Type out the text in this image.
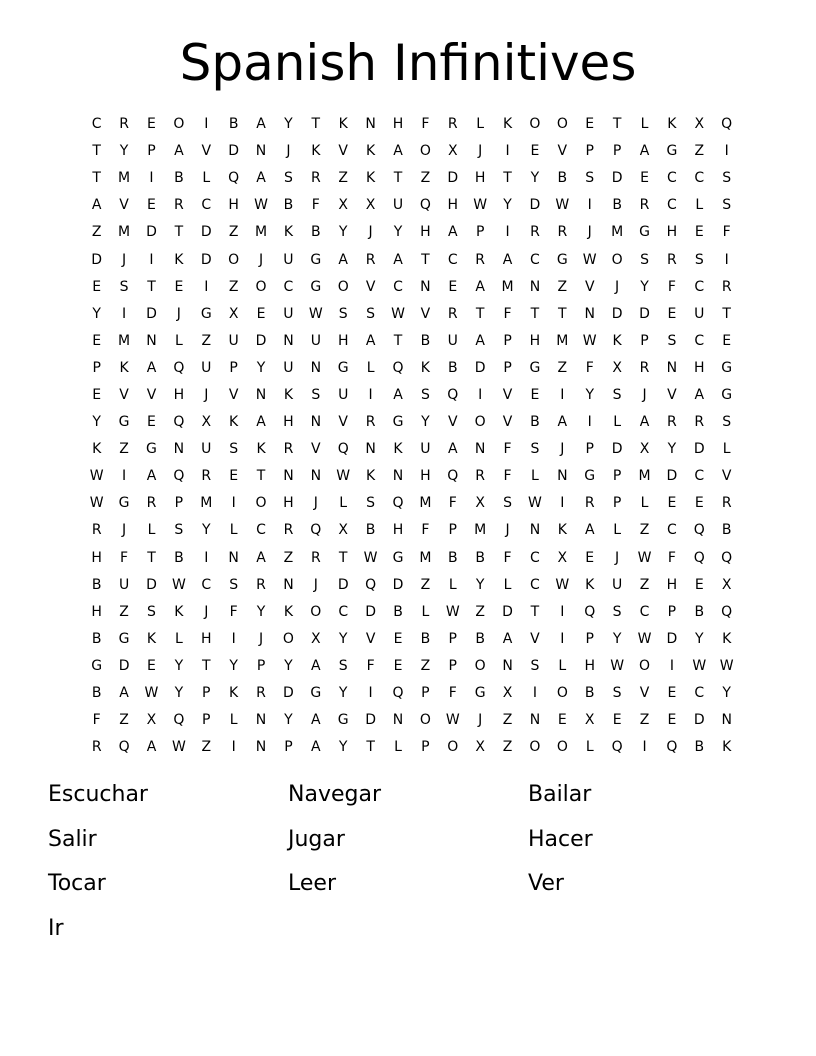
Spanish Infinitives
C	R	E	O	I	B	A	Y	T	K	N	H	F	R	L	K	O	O	E	T	L	K	X	Q
T	Y	P	A	V	D	N	J	K	V	K	A	O	X	J	I	E	V	P	P	A	G	Z	I
T	M	I	B	L	Q	A	S	R	Z	K	T	Z	D	H	T	Y	B	S	D	E	C	C	S
A	V	E	R	C	H	W	B	F	X	X	U	Q	H	W	Y	D	W	I	B	R	C	L	S
Z	M	D	T	D	Z	M	K	B	Y	J	Y	H	A	P	I	R	R	J	M	G	H	E	F
D	J	I	K	D	O	J	U	G	A	R	A	T	C	R	A	C	G	W	O	S	R	S	I
E	S	T	E	I	Z	O	C	G	O	V	C	N	E	A	M	N	Z	V	J	Y	F	C	R
Y	I	D	J	G	X	E	U	W	S	S	W	V	R	T	F	T	T	N	D	D	E	U	T
E	M	N	L	Z	U	D	N	U	H	A	T	B	U	A	P	H	M	W	K	P	S	C	E
P	K	A	Q	U	P	Y	U	N	G	L	Q	K	B	D	P	G	Z	F	X	R	N	H	G
E	V	V	H	J	V	N	K	S	U	I	A	S	Q	I	V	E	I	Y	S	J	V	A	G
Y	G	E	Q	X	K	A	H	N	V	R	G	Y	V	O	V	B	A	I	L	A	R	R	S
K	Z	G	N	U	S	K	R	V	Q	N	K	U	A	N	F	S	J	P	D	X	Y	D	L
W	I	A	Q	R	E	T	N	N	W	K	N	H	Q	R	F	L	N	G	P	M	D	C	V
W	G	R	P	M	I	O	H	J	L	S	Q	M	F	X	S	W	I	R	P	L	E	E	R
R	J	L	S	Y	L	C	R	Q	X	B	H	F	P	M	J	N	K	A	L	Z	C	Q	B
H	F	T	B	I	N	A	Z	R	T	W	G	M	B	B	F	C	X	E	J	W	F	Q	Q
B	U	D	W	C	S	R	N	J	D	Q	D	Z	L	Y	L	C	W	K	U	Z	H	E	X
H	Z	S	K	J	F	Y	K	O	C	D	B	L	W	Z	D	T	I	Q	S	C	P	B	Q
B	G	K	L	H	I	J	O	X	Y	V	E	B	P	B	A	V	I	P	Y	W	D	Y	K
G	D	E	Y	T	Y	P	Y	A	S	F	E	Z	P	O	N	S	L	H	W	O	I	W W
B	A	W	Y	P	K	R	D	G	Y	I	Q	P	F	G	X	I	O	B	S	V	E	C	Y
F	Z	X	Q	P	L	N	Y	A	G	D	N	O	W	J	Z	N	E	X	E	Z	E	D	N
R	Q	A	W	Z	I	N	P	A	Y	T	L	P	O	X	Z	O	O	L	Q	I	Q	B	K
Escuchar	Navegar	Bailar
Salir	Jugar	Hacer
Tocar	Leer	Ver
Ir
